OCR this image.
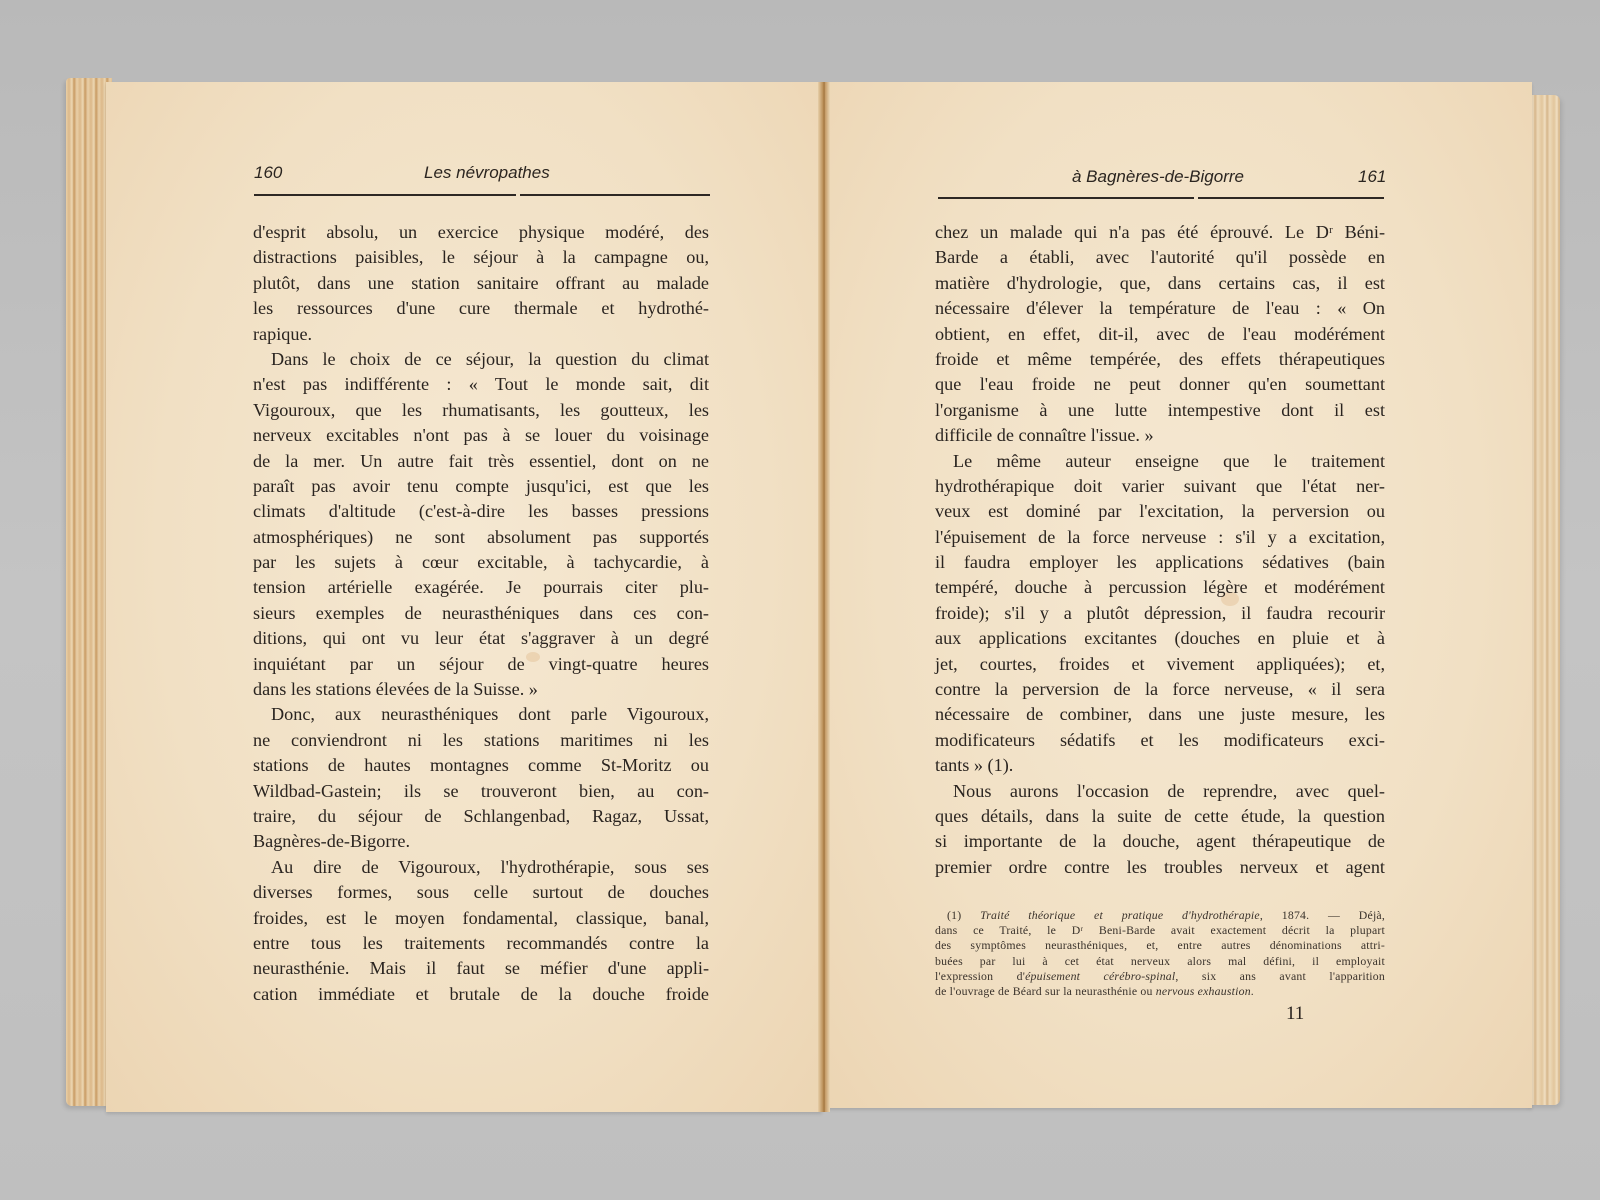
160	Les névropathes
d'esprit absolu, un exercice physique modéré, des
distractions paisibles, le séjour à la campagne ou,
plutôt, dans une station sanitaire offrant au malade
les ressources d'une cure thermale et hydrothé-
rapique.
Dans le choix de ce séjour, la question du climat
n'est pas indifférente : « Tout le monde sait, dit
Vigouroux, que les rhumatisants, les goutteux, les
nerveux excitables n'ont pas à se louer du voisinage
de la mer. Un autre fait très essentiel, dont on ne
paraît pas avoir tenu compte jusqu'ici, est que les
climats d'altitude (c'est-à-dire les basses pressions
atmosphériques) ne sont absolument pas supportés
par les sujets à cœur excitable, à tachycardie, à
tension artérielle exagérée. Je pourrais citer plu-
sieurs exemples de neurasthéniques dans ces con-
ditions, qui ont vu leur état s'aggraver à un degré
inquiétant par un séjour de vingt-quatre heures
dans les stations élevées de la Suisse. »
Donc, aux neurasthéniques dont parle Vigouroux,
ne conviendront ni les stations maritimes ni les
stations de hautes montagnes comme St-Moritz ou
Wildbad-Gastein; ils se trouveront bien, au con-
traire, du séjour de Schlangenbad, Ragaz, Ussat,
Bagnères-de-Bigorre.
Au dire de Vigouroux, l'hydrothérapie, sous ses
diverses formes, sous celle surtout de douches
froides, est le moyen fondamental, classique, banal,
entre tous les traitements recommandés contre la
neurasthénie. Mais il faut se méfier d'une appli-
cation immédiate et brutale de la douche froide
à Bagnères-de-Bigorre	161
chez un malade qui n'a pas été éprouvé. Le Dʳ Béni-
Barde a établi, avec l'autorité qu'il possède en
matière d'hydrologie, que, dans certains cas, il est
nécessaire d'élever la température de l'eau : « On
obtient, en effet, dit-il, avec de l'eau modérément
froide et même tempérée, des effets thérapeutiques
que l'eau froide ne peut donner qu'en soumettant
l'organisme à une lutte intempestive dont il est
difficile de connaître l'issue. »
Le même auteur enseigne que le traitement
hydrothérapique doit varier suivant que l'état ner-
veux est dominé par l'excitation, la perversion ou
l'épuisement de la force nerveuse : s'il y a excitation,
il faudra employer les applications sédatives (bain
tempéré, douche à percussion légère et modérément
froide); s'il y a plutôt dépression, il faudra recourir
aux applications excitantes (douches en pluie et à
jet, courtes, froides et vivement appliquées); et,
contre la perversion de la force nerveuse, « il sera
nécessaire de combiner, dans une juste mesure, les
modificateurs sédatifs et les modificateurs exci-
tants » (1).
Nous aurons l'occasion de reprendre, avec quel-
ques détails, dans la suite de cette étude, la question
si importante de la douche, agent thérapeutique de
premier ordre contre les troubles nerveux et agent
(1) Traité théorique et pratique d'hydrothérapie, 1874. — Déjà,
dans ce Traité, le Dʳ Beni-Barde avait exactement décrit la plupart
des symptômes neurasthéniques, et, entre autres dénominations attri-
buées par lui à cet état nerveux alors mal défini, il employait
l'expression d'épuisement cérébro-spinal, six ans avant l'apparition
de l'ouvrage de Béard sur la neurasthénie ou nervous exhaustion.
11
